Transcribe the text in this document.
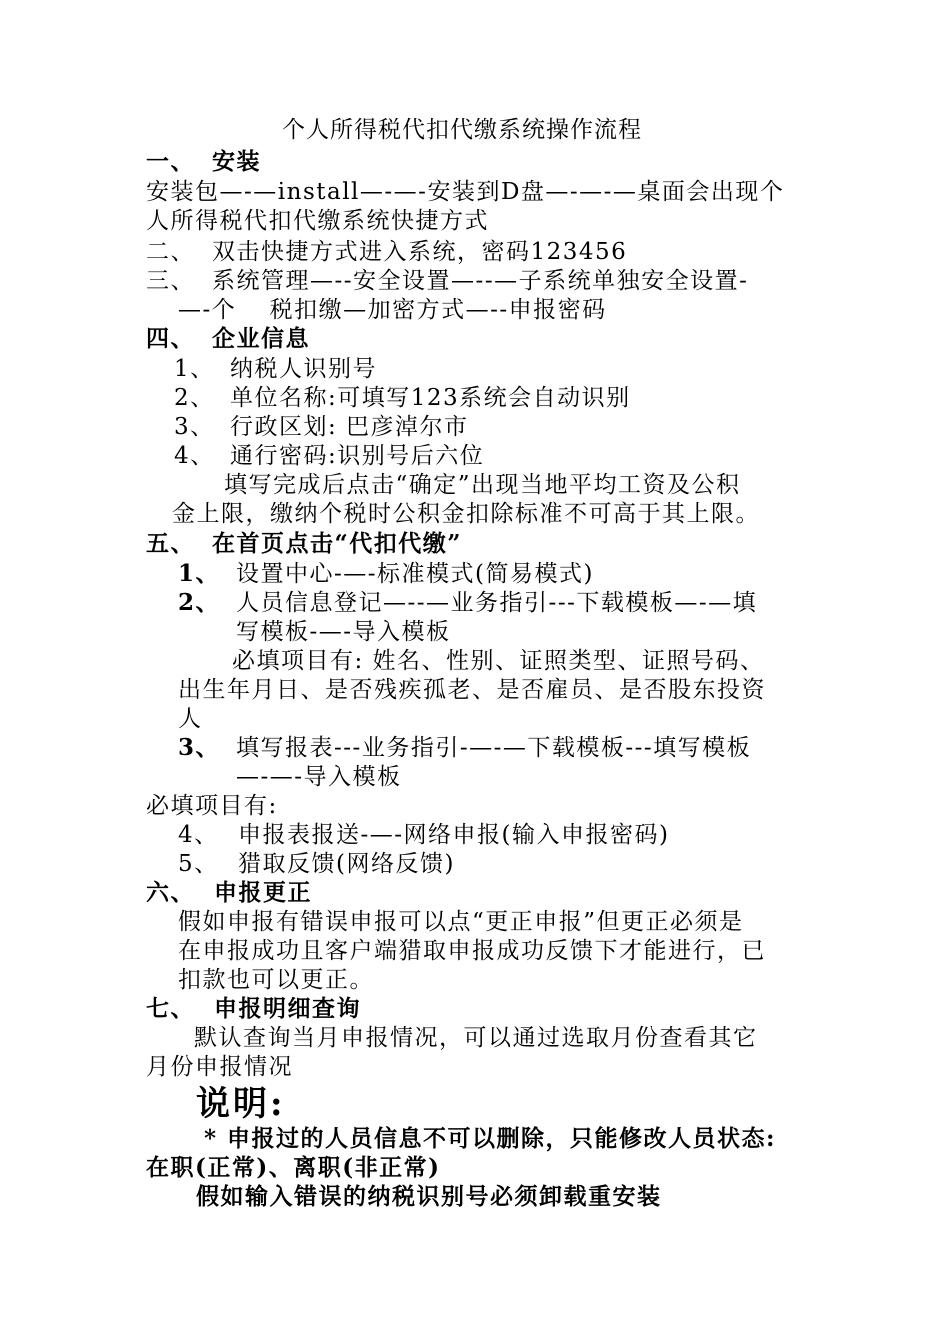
个人所得税代扣代缴系统操作流程
一、 安装
安装包—-—install—-—-安装到D盘—-—-—桌面会出现个
人所得税代扣代缴系统快捷方式
二、 双击快捷方式进入系统，密码123456
三、 系统管理—--安全设置—--—子系统单独安全设置-
—-个　 税扣缴—加密方式—--申报密码
四、 企业信息
1、 纳税人识别号
2、 单位名称:可填写123系统会自动识别
3、 行政区划: 巴彦淖尔市
4、 通行密码:识别号后六位
填写完成后点击“确定”出现当地平均工资及公积
金上限，缴纳个税时公积金扣除标准不可高于其上限。
五、 在首页点击“代扣代缴”
1、 设置中心-—-标准模式(简易模式)
2、 人员信息登记—--—业务指引---下载模板—-—填
写模板-—-导入模板
必填项目有: 姓名、性别、证照类型、证照号码、
出生年月日、是否残疾孤老、是否雇员、是否股东投资
人
3、 填写报表---业务指引-—-—下载模板---填写模板
—-—-导入模板
必填项目有:
4、 申报表报送-—-网络申报(输入申报密码)
5、 猎取反馈(网络反馈)
六、 申报更正
假如申报有错误申报可以点“更正申报”但更正必须是
在申报成功且客户端猎取申报成功反馈下才能进行，已
扣款也可以更正。
七、 申报明细查询
默认查询当月申报情况，可以通过选取月份查看其它
月份申报情况
说明:
* 申报过的人员信息不可以删除，只能修改人员状态:
在职(正常)、离职(非正常)
假如输入错误的纳税识别号必须卸载重安装
